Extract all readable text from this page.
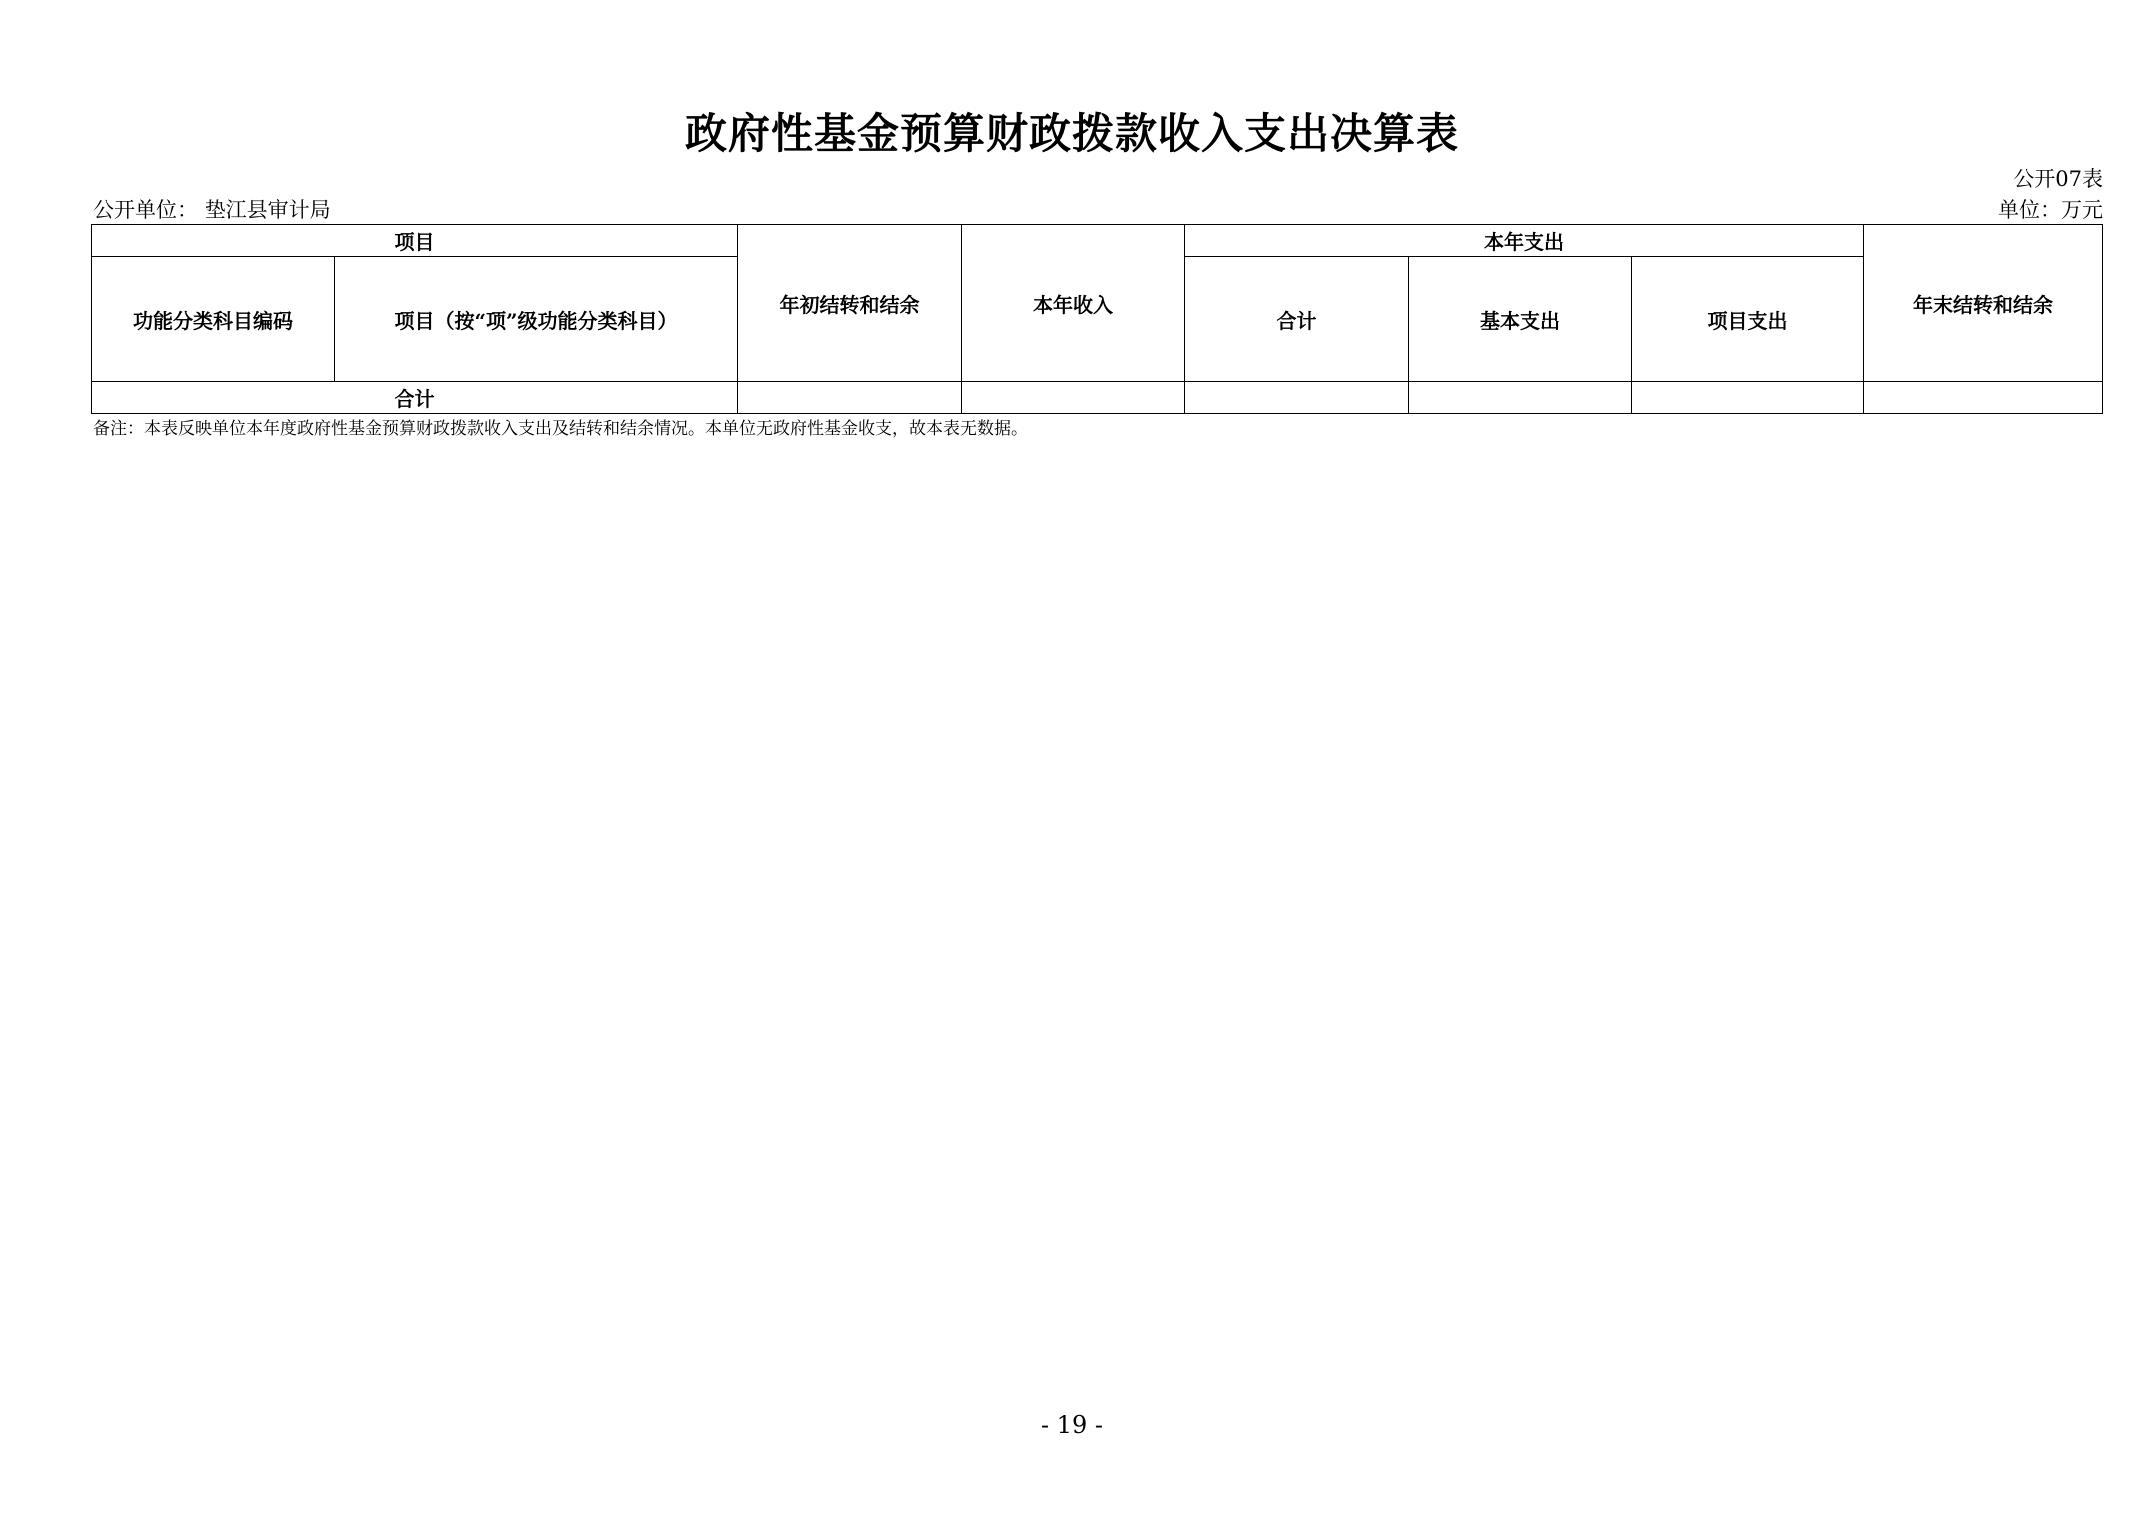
政府性基金预算财政拨款收入支出决算表
公开07表
公开单位： 垫江县审计局	单位：万元
项目		年初结转和结余	本年收入	本年支出			年末结转和结余
功能分类科目编码	项目（按“项”级功能分类科目）			合计	基本支出	项目支出	
合计							
备注：本表反映单位本年度政府性基金预算财政拨款收入支出及结转和结余情况。本单位无政府性基金收支，故本表无数据。
- 19 -
